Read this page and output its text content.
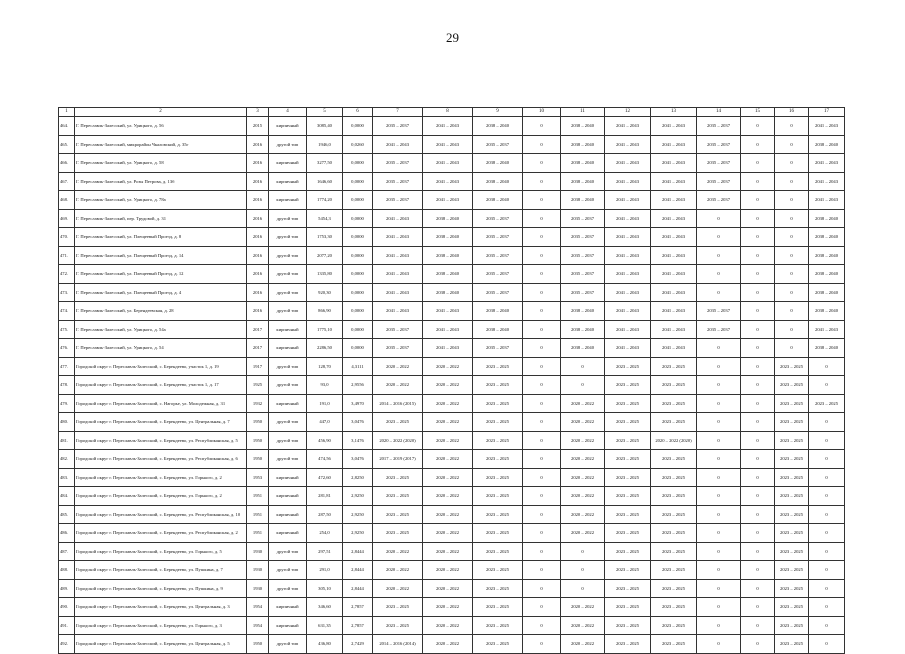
29
1	2	3	4	5	6	7	8	9	10	11	12	13	14	15	16	17
464.	Г. Переславль-Залесский, ул. Урицкого, д. 56	2015	кирпичный	3085,40	0,0000	2035 – 2037	2041 – 2043	2038 – 2040	0	2038 – 2040	2041 – 2043	2041 – 2043	2035 – 2037	0	0	2041 – 2043
465.	Г. Переславль-Залесский, микрорайон Чкаловский, д. 35г	2016	другой тип	1946,0	0,0260	2041 – 2043	2041 – 2043	2035 – 2037	0	2038 – 2040	2041 – 2043	2041 – 2043	2035 – 2037	0	0	2038 – 2040
466.	Г. Переславль-Залесский, ул. Урицкого, д. 58	2016	кирпичный	3277,50	0,0000	2035 – 2037	2041 – 2043	2038 – 2040	0	2038 – 2040	2041 – 2043	2041 – 2043	2035 – 2037	0	0	2041 – 2043
467.	Г. Переславль-Залесский, ул. Розы Петрова, д. 13б	2016	кирпичный	1646,60	0,0000	2035 – 2037	2041 – 2043	2038 – 2040	0	2038 – 2040	2041 – 2043	2041 – 2043	2035 – 2037	0	0	2041 – 2043
468.	Г. Переславль-Залесский, ул. Урицкого, д. 78а	2016	кирпичный	1774,20	0,0000	2035 – 2037	2041 – 2043	2038 – 2040	0	2038 – 2040	2041 – 2043	2041 – 2043	2035 – 2037	0	0	2041 – 2043
469.	Г. Переславль-Залесский, пер. Трудовой, д. 31	2016	другой тип	5454,3	0,0000	2041 – 2043	2038 – 2040	2035 – 2037	0	2035 – 2037	2041 – 2043	2041 – 2043	0	0	0	2038 – 2040
470.	Г. Переславль-Залесский, ул. Плещеевый Проезд, д. 8	2016	другой тип	1753,30	0,0000	2041 – 2043	2038 – 2040	2035 – 2037	0	2035 – 2037	2041 – 2043	2041 – 2043	0	0	0	2038 – 2040
471.	Г. Переславль-Залесский, ул. Плещеевый Проезд, д. 14	2016	другой тип	2077,20	0,0000	2041 – 2043	2038 – 2040	2035 – 2037	0	2035 – 2037	2041 – 2043	2041 – 2043	0	0	0	2038 – 2040
472.	Г. Переславль-Залесский, ул. Плещеевый Проезд, д. 12	2016	другой тип	1335,80	0,0000	2041 – 2043	2038 – 2040	2035 – 2037	0	2035 – 2037	2041 – 2043	2041 – 2043	0	0	0	2038 – 2040
473.	Г. Переславль-Залесский, ул. Плещеевый Проезд, д. 4	2016	другой тип	920,30	0,0000	2041 – 2043	2038 – 2040	2035 – 2037	0	2035 – 2037	2041 – 2043	2041 – 2043	0	0	0	2038 – 2040
474.	Г. Переславль-Залесский, ул. Берендеевская, д. 28	2016	другой тип	866,90	0,0000	2041 – 2043	2041 – 2043	2038 – 2040	0	2038 – 2040	2041 – 2043	2041 – 2043	2035 – 2037	0	0	2038 – 2040
475.	Г. Переславль-Залесский, ул. Урицкого, д. 54а	2017	кирпичный	1775,10	0,0000	2035 – 2037	2041 – 2043	2038 – 2040	0	2038 – 2040	2041 – 2043	2041 – 2043	2035 – 2037	0	0	2041 – 2043
476.	Г. Переславль-Залесский, ул. Урицкого, д. 54	2017	кирпичный	2286,50	0,0000	2035 – 2037	2041 – 2043	2035 – 2037	0	2038 – 2040	2041 – 2043	2041 – 2043	0	0	0	2038 – 2040
477.	Городской округ г. Переславль-Залесский, с. Берендеево, участок 1, д. 19	1917	другой тип	128,70	4,3111	2020 – 2022	2020 – 2022	2023 – 2025	0	0	2023 – 2025	2023 – 2025	0	0	2023 – 2025	0
478.	Городской округ г. Переславль-Залесский, с. Берендеево, участок 1, д. 17	1925	другой тип	93,0	2,9556	2020 – 2022	2020 – 2022	2023 – 2025	0	0	2023 – 2025	2023 – 2025	0	0	2023 – 2025	0
479.	Городской округ г. Переславль-Залесский, с. Нагорье, ул. Молодежная, д. 31	1932	кирпичный	191,0	3,4970	2014 – 2016 (2015)	2020 – 2022	2023 – 2025	0	2020 – 2022	2023 – 2025	2023 – 2025	0	0	2023 – 2025	2023 – 2025
480.	Городской округ г. Переславль-Залесский, с. Берендеево, ул. Центральная, д. 7	1950	другой тип	447,0	3,0476	2023 – 2025	2020 – 2022	2023 – 2025	0	2020 – 2022	2023 – 2025	2023 – 2025	0	0	2023 – 2025	0
481.	Городской округ г. Переславль-Залесский, с. Берендеево, ул. Республиканская, д. 5	1950	другой тип	456,90	3,1476	2020 – 2022 (2020)	2020 – 2022	2023 – 2025	0	2020 – 2022	2023 – 2025	2020 – 2022 (2020)	0	0	2023 – 2025	0
482.	Городской округ г. Переславль-Залесский, с. Берендеево, ул. Республиканская, д. 6	1950	другой тип	474,56	3,0476	2017 – 2019 (2017)	2020 – 2022	2023 – 2025	0	2020 – 2022	2023 – 2025	2023 – 2025	0	0	2023 – 2025	0
483.	Городской округ г. Переславль-Залесский, с. Берендеево, ул. Горького, д. 2	1953	кирпичный	472,60	2,8250	2023 – 2025	2020 – 2022	2023 – 2025	0	2020 – 2022	2023 – 2025	2023 – 2025	0	0	2023 – 2025	0
484.	Городской округ г. Переславль-Залесский, с. Берендеево, ул. Горького, д. 2	1951	кирпичный	281,81	2,9250	2023 – 2025	2020 – 2022	2023 – 2025	0	2020 – 2022	2023 – 2025	2023 – 2025	0	0	2023 – 2025	0
485.	Городской округ г. Переславль-Залесский, с. Берендеево, ул. Республиканская, д. 10	1951	кирпичный	287,50	2,9250	2023 – 2025	2020 – 2022	2023 – 2025	0	2020 – 2022	2023 – 2025	2023 – 2025	0	0	2023 – 2025	0
486.	Городской округ г. Переславль-Залесский, с. Берендеево, ул. Республиканская, д. 2	1951	кирпичный	254,0	2,9250	2023 – 2025	2020 – 2022	2023 – 2025	0	2020 – 2022	2023 – 2025	2023 – 2025	0	0	2023 – 2025	0
487.	Городской округ г. Переславль-Залесский, с. Берендеево, ул. Горького, д. 5	1930	другой тип	297,51	2,8444	2020 – 2022	2020 – 2022	2023 – 2025	0	0	2023 – 2025	2023 – 2025	0	0	2023 – 2025	0
488.	Городской округ г. Переславль-Залесский, с. Берендеево, ул. Пушкина, д. 7	1930	другой тип	291,0	2,8444	2020 – 2022	2020 – 2022	2023 – 2025	0	0	2023 – 2025	2023 – 2025	0	0	2023 – 2025	0
489.	Городской округ г. Переславль-Залесский, с. Берендеево, ул. Пушкина, д. 9	1930	другой тип	305,10	2,8444	2020 – 2022	2020 – 2022	2023 – 2025	0	0	2023 – 2025	2023 – 2025	0	0	2023 – 2025	0
490.	Городской округ г. Переславль-Залесский, с. Берендеево, ул. Центральная, д. 3	1954	кирпичный	346,60	2,7857	2023 – 2025	2020 – 2022	2023 – 2025	0	2020 – 2022	2023 – 2025	2023 – 2025	0	0	2023 – 2025	0
491.	Городской округ г. Переславль-Залесский, с. Берендеево, ул. Горького, д. 3	1954	кирпичный	631,35	2,7857	2023 – 2025	2020 – 2022	2023 – 2025	0	2020 – 2022	2023 – 2025	2023 – 2025	0	0	2023 – 2025	0
492.	Городской округ г. Переславль-Залесский, с. Берендеево, ул. Центральная, д. 5	1950	другой тип	436,80	2,7429	2014 – 2016 (2014)	2020 – 2022	2023 – 2025	0	2020 – 2022	2023 – 2025	2023 – 2025	0	0	2023 – 2025	0
